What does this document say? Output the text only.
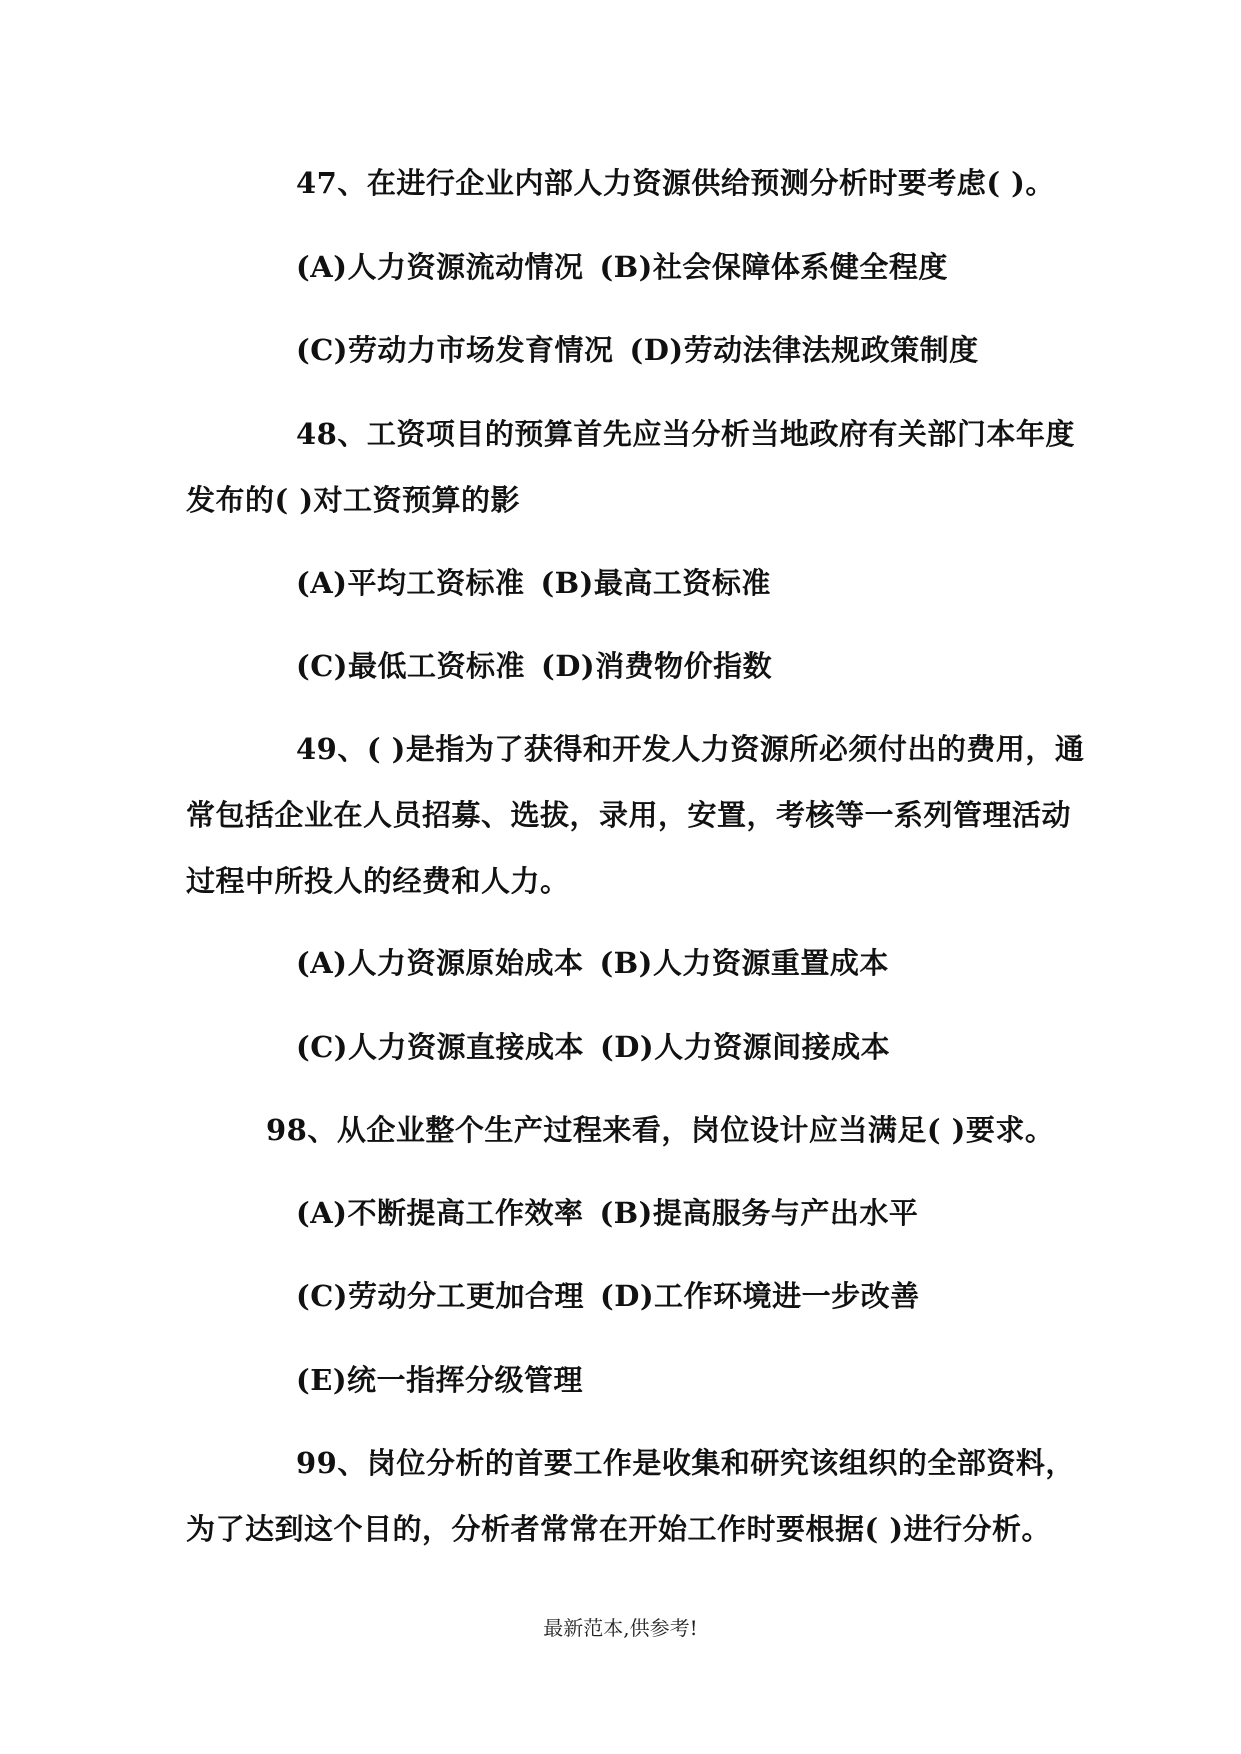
47、在进行企业内部人力资源供给预测分析时要考虑( )。
(A)人力资源流动情况 (B)社会保障体系健全程度
(C)劳动力市场发育情况 (D)劳动法律法规政策制度
48、工资项目的预算首先应当分析当地政府有关部门本年度
发布的( )对工资预算的影
(A)平均工资标准 (B)最高工资标准
(C)最低工资标准 (D)消费物价指数
49、( )是指为了获得和开发人力资源所必须付出的费用，通
常包括企业在人员招募、选拔，录用，安置，考核等一系列管理活动
过程中所投人的经费和人力。
(A)人力资源原始成本 (B)人力资源重置成本
(C)人力资源直接成本 (D)人力资源间接成本
98、从企业整个生产过程来看，岗位设计应当满足( )要求。
(A)不断提高工作效率 (B)提高服务与产出水平
(C)劳动分工更加合理 (D)工作环境进一步改善
(E)统一指挥分级管理
99、岗位分析的首要工作是收集和研究该组织的全部资料，
为了达到这个目的，分析者常常在开始工作时要根据( )进行分析。
最新范本,供参考!
